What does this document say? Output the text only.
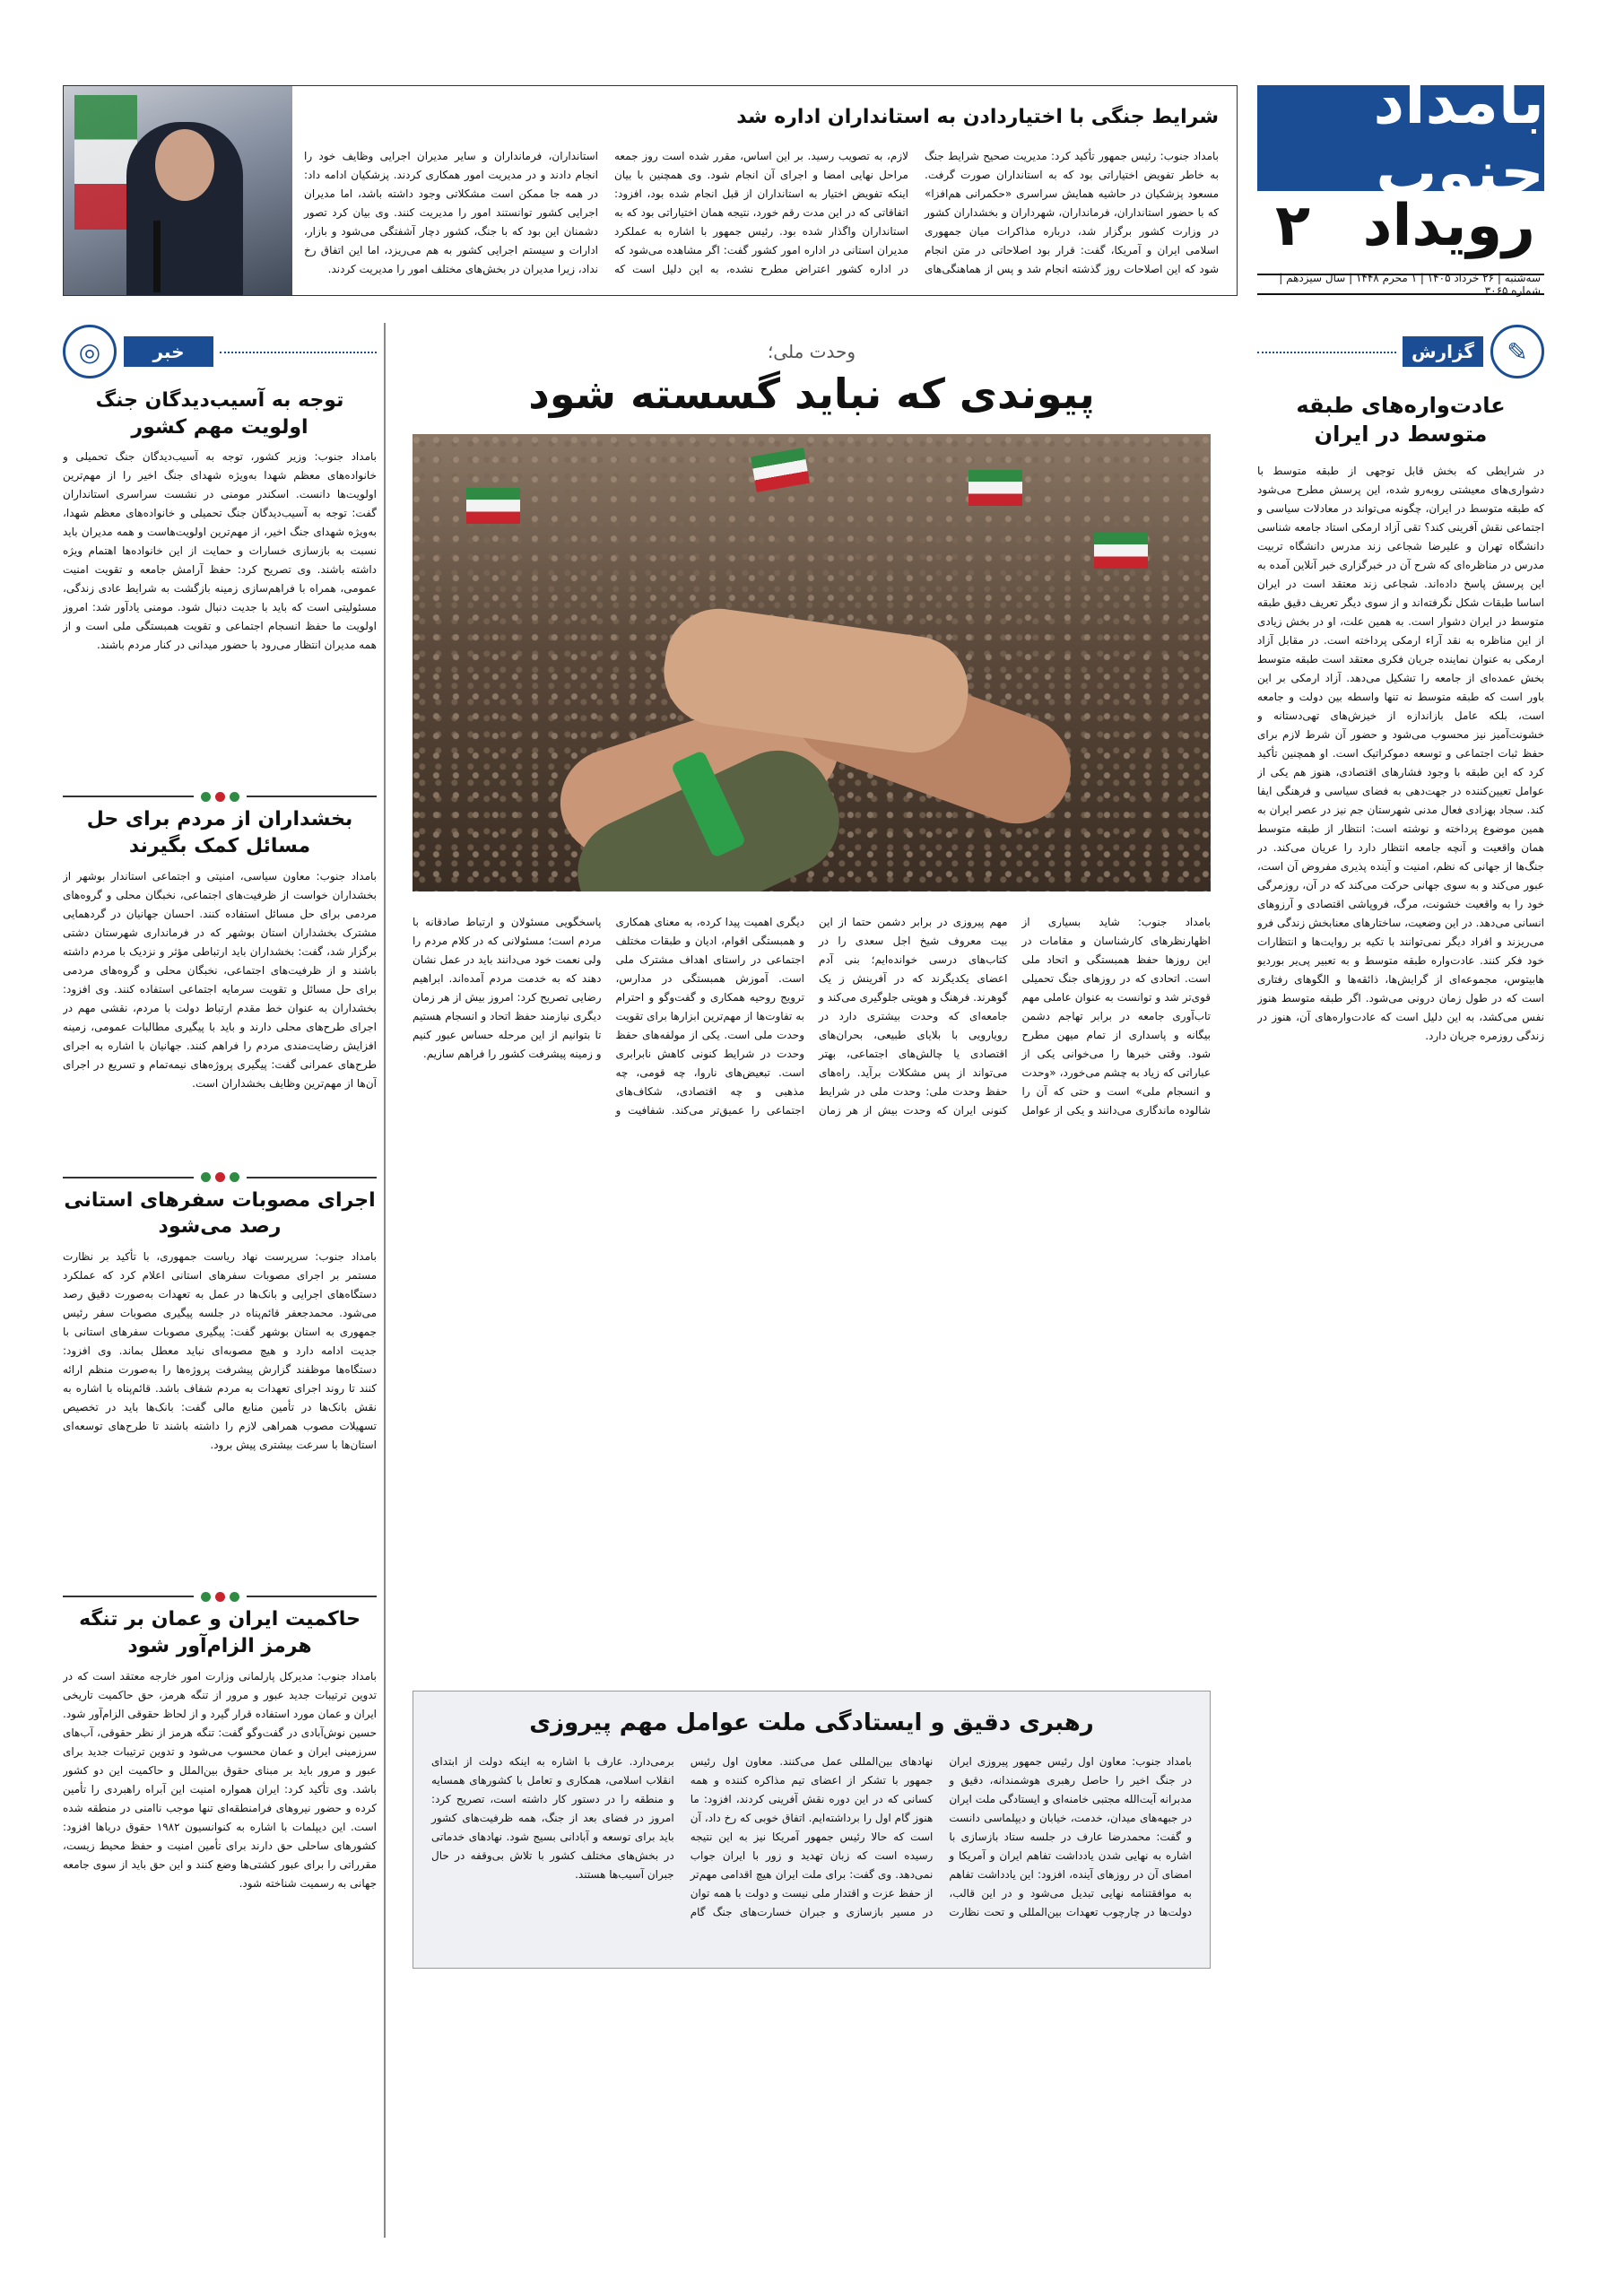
بامداد جنوب
رویداد
۲
سه‌شنبه | ۲۶ خرداد ۱۴۰۵ | ۱ محرم ۱۴۴۸ | سال سیزدهم | شماره ۳۰۶۵
شرایط جنگی با اختیاردادن به استانداران اداره شد
بامداد جنوب: رئیس جمهور تأکید کرد: مدیریت صحیح شرایط جنگ به خاطر تفویض اختیاراتی بود که به استانداران صورت گرفت. مسعود پزشکیان در حاشیه همایش سراسری «حکمرانی هم‌افزا» که با حضور استانداران، فرمانداران، شهرداران و بخشداران کشور در وزارت کشور برگزار شد، درباره مذاکرات میان جمهوری اسلامی ایران و آمریکا، گفت: قرار بود اصلاحاتی در متن انجام شود که این اصلاحات روز گذشته انجام شد و پس از هماهنگی‌های لازم، به تصویب رسید. بر این اساس، مقرر شده است روز جمعه مراحل نهایی امضا و اجرای آن انجام شود. وی همچنین با بیان اینکه تفویض اختیار به استانداران از قبل انجام شده بود، افزود: اتفاقاتی که در این مدت رقم خورد، نتیجه همان اختیاراتی بود که به استانداران واگذار شده بود. رئیس جمهور با اشاره به عملکرد مدیران استانی در اداره امور کشور گفت: اگر مشاهده می‌شود که در اداره کشور اعتراض مطرح نشده، به این دلیل است که استانداران، فرمانداران و سایر مدیران اجرایی وظایف خود را انجام دادند و در مدیریت امور همکاری کردند. پزشکیان ادامه داد: در همه جا ممکن است مشکلاتی وجود داشته باشد، اما مدیران اجرایی کشور توانستند امور را مدیریت کنند. وی بیان کرد تصور دشمنان این بود که با جنگ، کشور دچار آشفتگی می‌شود و بازار، ادارات و سیستم اجرایی کشور به هم می‌ریزد، اما این اتفاق رخ نداد، زیرا مدیران در بخش‌های مختلف امور را مدیریت کردند.
✎
گزارش
عادت‌واره‌های طبقه متوسط در ایران
در شرایطی که بخش قابل توجهی از طبقه متوسط با دشواری‌های معیشتی روبه‌رو شده، این پرسش مطرح می‌شود که طبقه متوسط در ایران، چگونه می‌تواند در معادلات سیاسی و اجتماعی نقش آفرینی کند؟ تقی آزاد ارمکی استاد جامعه شناسی دانشگاه تهران و علیرضا شجاعی زند مدرس دانشگاه تربیت مدرس در مناظره‌ای که شرح آن در خبرگزاری خبر آنلاین آمده به این پرسش پاسخ داده‌اند. شجاعی زند معتقد است در ایران اساسا طبقات شکل نگرفته‌اند و از سوی دیگر تعریف دقیق طبقه متوسط در ایران دشوار است. به همین علت، او در بخش زیادی از این مناظره به نقد آراء ارمکی پرداخته است. در مقابل آزاد ارمکی به عنوان نماینده جریان فکری معتقد است طبقه متوسط بخش عمده‌ای از جامعه را تشکیل می‌دهد. آزاد ارمکی بر این باور است که طبقه متوسط نه تنها واسطه بین دولت و جامعه است، بلکه عامل بازاندازه از خیزش‌های تهی‌دستانه و خشونت‌آمیز نیز محسوب می‌شود و حضور آن شرط لازم برای حفظ ثبات اجتماعی و توسعه دموکراتیک است. او همچنین تأکید کرد که این طبقه با وجود فشارهای اقتصادی، هنوز هم یکی از عوامل تعیین‌کننده در جهت‌دهی به فضای سیاسی و فرهنگی ایفا کند. سجاد بهزادی فعال مدنی شهرستان جم نیز در عصر ایران به همین موضوع پرداخته و نوشته است: انتظار از طبقه متوسط همان واقعیت و آنچه جامعه انتظار دارد را عریان می‌کند. در جنگ‌ها از جهانی که نظم، امنیت و آینده پذیری مفروض آن است، عبور می‌کند و به سوی جهانی حرکت می‌کند که در آن، روزمرگی خود را به واقعیت خشونت، مرگ، فروپاشی اقتصادی و آرزوهای انسانی می‌دهد. در این وضعیت، ساختارهای معنابخش زندگی فرو می‌ریزند و افراد دیگر نمی‌توانند با تکیه بر روایت‌ها و انتظارات خود فکر کنند. عادت‌واره طبقه متوسط و به تعبیر پی‌یر بوردیو هابیتوس، مجموعه‌ای از گرایش‌ها، ذائقه‌ها و الگوهای رفتاری است که در طول زمان درونی می‌شود. اگر طبقه متوسط هنوز نفس می‌کشد، به این دلیل است که عادت‌واره‌های آن، هنوز در زندگی روزمره جریان دارد.
وحدت ملی؛
پیوندی که نباید گسسته شود
بامداد جنوب: شاید بسیاری از اظهارنظرهای کارشناسان و مقامات در این روزها حفظ همبستگی و اتحاد ملی است. اتحادی که در روزهای جنگ تحمیلی قوی‌تر شد و توانست به عنوان عاملی مهم تاب‌آوری جامعه در برابر تهاجم دشمن بیگانه و پاسداری از تمام میهن مطرح شود. وقتی خبرها را می‌خوانی یکی از عباراتی که زیاد به چشم می‌خورد، «وحدت و انسجام ملی» است و حتی که آن را شالوده ماندگاری می‌دانند و یکی از عوامل مهم پیروزی در برابر دشمن حتما از این بیت معروف شیخ اجل سعدی را در کتاب‌های درسی خوانده‌ایم؛ بنی آدم اعضای یکدیگرند که در آفرینش ز یک گوهرند. فرهنگ و هویتی جلوگیری می‌کند و جامعه‌ای که وحدت بیشتری دارد در رویارویی با بلایای طبیعی، بحران‌های اقتصادی یا چالش‌های اجتماعی، بهتر می‌تواند از پس مشکلات برآید. راه‌های حفظ وحدت ملی: وحدت ملی در شرایط کنونی ایران که وحدت بیش از هر زمان دیگری اهمیت پیدا کرده، به معنای همکاری و همبستگی اقوام، ادیان و طبقات مختلف اجتماعی در راستای اهداف مشترک ملی است. آموزش همبستگی در مدارس، ترویج روحیه همکاری و گفت‌وگو و احترام به تفاوت‌ها از مهم‌ترین ابزارها برای تقویت وحدت ملی است. یکی از مولفه‌های حفظ وحدت در شرایط کنونی کاهش نابرابری است. تبعیض‌های ناروا، چه قومی، چه مذهبی و چه اقتصادی، شکاف‌های اجتماعی را عمیق‌تر می‌کند. شفافیت و پاسخگویی مسئولان و ارتباط صادقانه با مردم است؛ مسئولانی که در کلام مردم را ولی نعمت خود می‌دانند باید در عمل نشان دهند که به خدمت مردم آمده‌اند. ابراهیم رضایی تصریح کرد: امروز بیش از هر زمان دیگری نیازمند حفظ اتحاد و انسجام هستیم تا بتوانیم از این مرحله حساس عبور کنیم و زمینه پیشرفت کشور را فراهم سازیم.
رهبری دقیق و ایستادگی ملت عوامل مهم پیروزی
بامداد جنوب: معاون اول رئیس جمهور پیروزی ایران در جنگ اخیر را حاصل رهبری هوشمندانه، دقیق و مدبرانه آیت‌الله مجتبی خامنه‌ای و ایستادگی ملت ایران در جبهه‌های میدان، خدمت، خیابان و دیپلماسی دانست و گفت: محمدرضا عارف در جلسه ستاد بازسازی با اشاره به نهایی شدن یادداشت تفاهم ایران و آمریکا و امضای آن در روزهای آینده، افزود: این یادداشت تفاهم به موافقتنامه نهایی تبدیل می‌شود و در این قالب، دولت‌ها در چارچوب تعهدات بین‌المللی و تحت نظارت نهادهای بین‌المللی عمل می‌کنند. معاون اول رئیس جمهور با تشکر از اعضای تیم مذاکره کننده و همه کسانی که در این دوره نقش آفرینی کردند، افزود: ما هنوز گام اول را برداشته‌ایم. اتفاق خوبی که رخ داد، آن است که حالا رئیس جمهور آمریکا نیز به این نتیجه رسیده است که زبان تهدید و زور با ایران جواب نمی‌دهد. وی گفت: برای ملت ایران هیچ اقدامی مهم‌تر از حفظ عزت و اقتدار ملی نیست و دولت با همه توان در مسیر بازسازی و جبران خسارت‌های جنگ گام برمی‌دارد. عارف با اشاره به اینکه دولت از ابتدای انقلاب اسلامی، همکاری و تعامل با کشورهای همسایه و منطقه را در دستور کار داشته است، تصریح کرد: امروز در فضای بعد از جنگ، همه ظرفیت‌های کشور باید برای توسعه و آبادانی بسیج شود. نهادهای خدماتی در بخش‌های مختلف کشور با تلاش بی‌وقفه در حال جبران آسیب‌ها هستند.
◎	خبر
توجه به آسیب‌دیدگان جنگ اولویت مهم کشور
بامداد جنوب: وزیر کشور، توجه به آسیب‌دیدگان جنگ تحمیلی و خانواده‌های معظم شهدا به‌ویژه شهدای جنگ اخیر را از مهم‌ترین اولویت‌ها دانست. اسکندر مومنی در نشست سراسری استانداران گفت: توجه به آسیب‌دیدگان جنگ تحمیلی و خانواده‌های معظم شهدا، به‌ویژه شهدای جنگ اخیر، از مهم‌ترین اولویت‌هاست و همه مدیران باید نسبت به بازسازی خسارات و حمایت از این خانواده‌ها اهتمام ویژه داشته باشند. وی تصریح کرد: حفظ آرامش جامعه و تقویت امنیت عمومی، همراه با فراهم‌سازی زمینه بازگشت به شرایط عادی زندگی، مسئولیتی است که باید با جدیت دنبال شود. مومنی یادآور شد: امروز اولویت ما حفظ انسجام اجتماعی و تقویت همبستگی ملی است و از همه مدیران انتظار می‌رود با حضور میدانی در کنار مردم باشند.
بخشداران از مردم برای حل مسائل کمک بگیرند
بامداد جنوب: معاون سیاسی، امنیتی و اجتماعی استاندار بوشهر از بخشداران خواست از ظرفیت‌های اجتماعی، نخبگان محلی و گروه‌های مردمی برای حل مسائل استفاده کنند. احسان جهانیان در گردهمایی مشترک بخشداران استان بوشهر که در فرمانداری شهرستان دشتی برگزار شد، گفت: بخشداران باید ارتباطی مؤثر و نزدیک با مردم داشته باشند و از ظرفیت‌های اجتماعی، نخبگان محلی و گروه‌های مردمی برای حل مسائل و تقویت سرمایه اجتماعی استفاده کنند. وی افزود: بخشداران به عنوان خط مقدم ارتباط دولت با مردم، نقشی مهم در اجرای طرح‌های محلی دارند و باید با پیگیری مطالبات عمومی، زمینه افزایش رضایت‌مندی مردم را فراهم کنند. جهانیان با اشاره به اجرای طرح‌های عمرانی گفت: پیگیری پروژه‌های نیمه‌تمام و تسریع در اجرای آن‌ها از مهم‌ترین وظایف بخشداران است.
اجرای مصوبات سفرهای استانی رصد می‌شود
بامداد جنوب: سرپرست نهاد ریاست جمهوری، با تأکید بر نظارت مستمر بر اجرای مصوبات سفرهای استانی اعلام کرد که عملکرد دستگاه‌های اجرایی و بانک‌ها در عمل به تعهدات به‌صورت دقیق رصد می‌شود. محمدجعفر قائم‌پناه در جلسه پیگیری مصوبات سفر رئیس جمهوری به استان بوشهر گفت: پیگیری مصوبات سفرهای استانی با جدیت ادامه دارد و هیچ مصوبه‌ای نباید معطل بماند. وی افزود: دستگاه‌ها موظفند گزارش پیشرفت پروژه‌ها را به‌صورت منظم ارائه کنند تا روند اجرای تعهدات به مردم شفاف باشد. قائم‌پناه با اشاره به نقش بانک‌ها در تأمین منابع مالی گفت: بانک‌ها باید در تخصیص تسهیلات مصوب همراهی لازم را داشته باشند تا طرح‌های توسعه‌ای استان‌ها با سرعت بیشتری پیش برود.
حاکمیت ایران و عمان بر تنگه هرمز الزام‌آور شود
بامداد جنوب: مدیرکل پارلمانی وزارت امور خارجه معتقد است که در تدوین ترتیبات جدید عبور و مرور از تنگه هرمز، حق حاکمیت تاریخی ایران و عمان مورد استفاده قرار گیرد و از لحاظ حقوقی الزام‌آور شود. حسین نوش‌آبادی در گفت‌وگو گفت: تنگه هرمز از نظر حقوقی، آب‌های سرزمینی ایران و عمان محسوب می‌شود و تدوین ترتیبات جدید برای عبور و مرور باید بر مبنای حقوق بین‌الملل و حاکمیت این دو کشور باشد. وی تأکید کرد: ایران همواره امنیت این آبراه راهبردی را تأمین کرده و حضور نیروهای فرامنطقه‌ای تنها موجب ناامنی در منطقه شده است. این دیپلمات با اشاره به کنوانسیون ۱۹۸۲ حقوق دریاها افزود: کشورهای ساحلی حق دارند برای تأمین امنیت و حفظ محیط زیست، مقرراتی را برای عبور کشتی‌ها وضع کنند و این حق باید از سوی جامعه جهانی به رسمیت شناخته شود.
